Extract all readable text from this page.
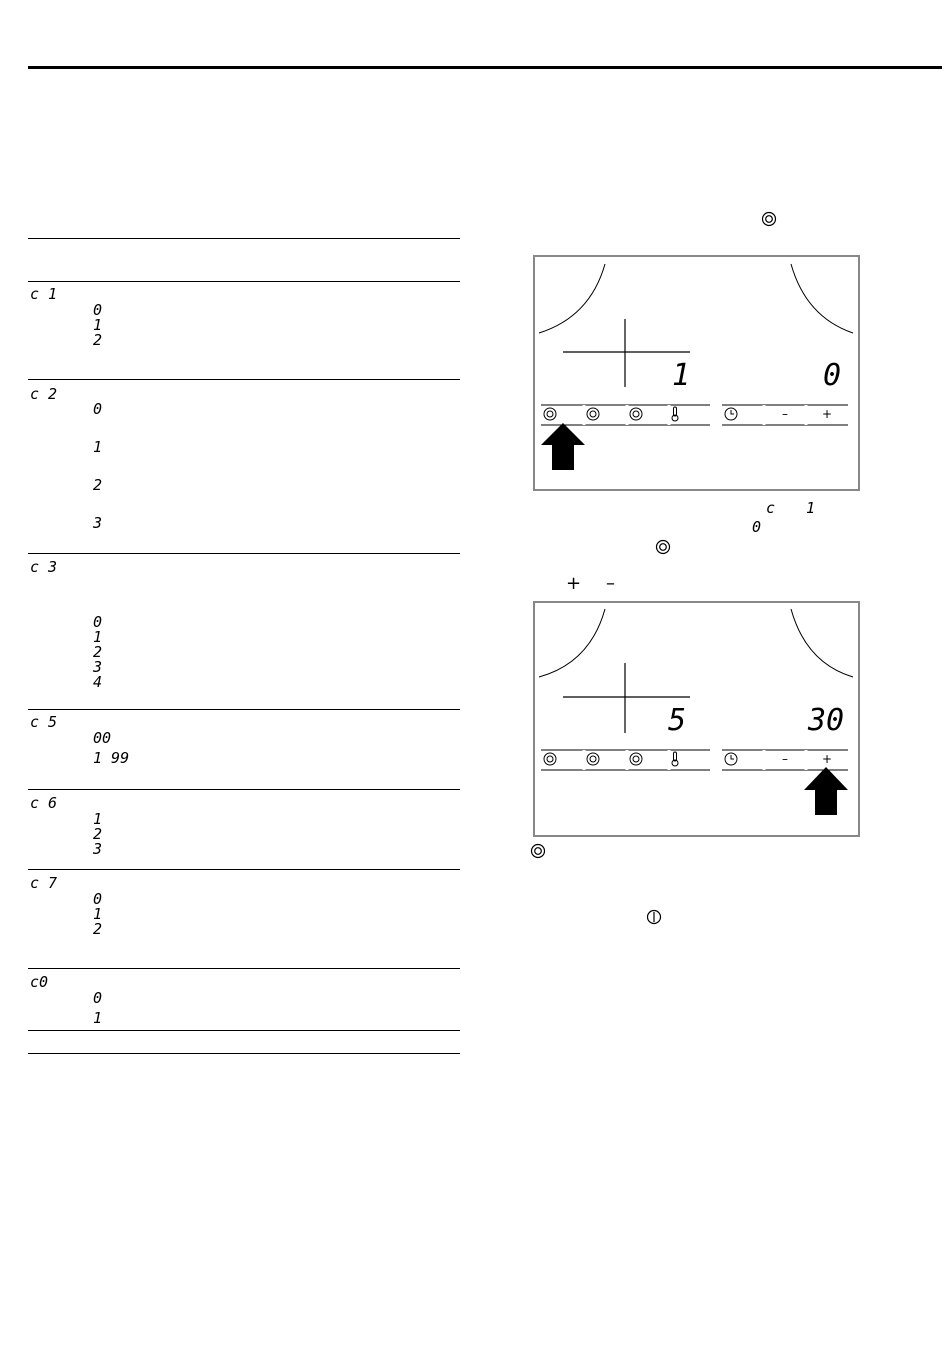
c 1
0
1
2
c 2
0
1
2
3
c 3
0
1
2
3
4
c 5
00
1 99
c 6
1
2
3
c 7
0
1
2
c0
0
1
1	0
–	+
c 1
0
+ –
5	30
–	+
